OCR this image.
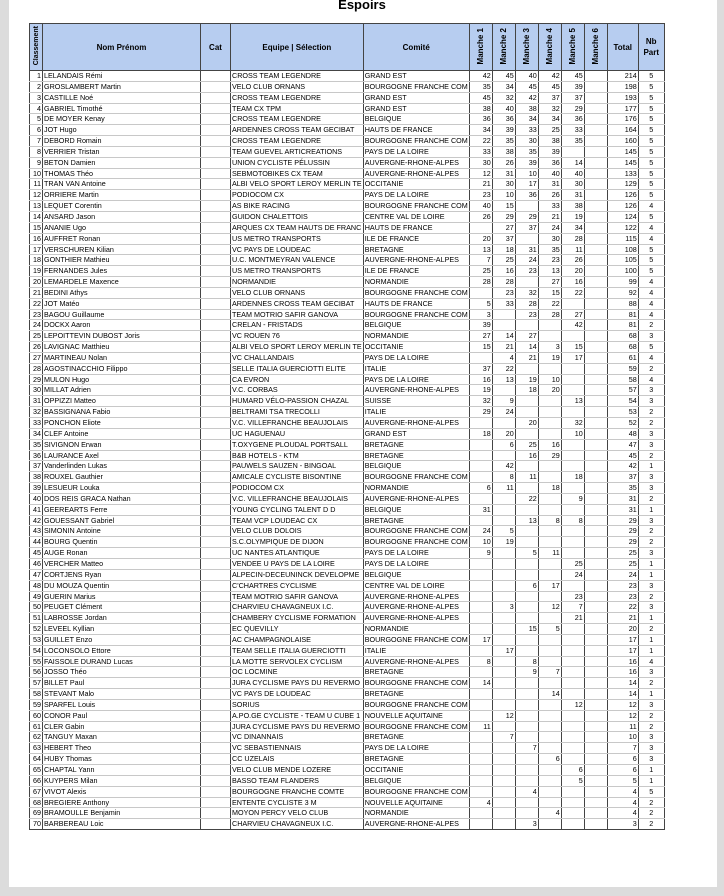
Espoirs
Classement	Nom Prénom	Cat	Equipe | Sélection	Comité	Manche 1	Manche 2	Manche 3	Manche 4	Manche 5	Manche 6	Total	Nb Part
1	LELANDAIS Rémi		CROSS TEAM LEGENDRE	GRAND EST	42	45	40	42	45		214	5
2	GROSLAMBERT Martin		VELO CLUB ORNANS	BOURGOGNE FRANCHE COM	35	34	45	45	39		198	5
3	CASTILLE Noé		CROSS TEAM LEGENDRE	GRAND EST	45	32	42	37	37		193	5
4	GABRIEL Timothé		TEAM CX TPM	GRAND EST	38	40	38	32	29		177	5
5	DE MOYER Kenay		CROSS TEAM LEGENDRE	BELGIQUE	36	36	34	34	36		176	5
6	JOT Hugo		ARDENNES CROSS TEAM GECIBAT	HAUTS DE FRANCE	34	39	33	25	33		164	5
7	DEBORD Romain		CROSS TEAM LEGENDRE	BOURGOGNE FRANCHE COM	22	35	30	38	35		160	5
8	VERRIER Tristan		TEAM GUEVEL ARTICREATIONS	PAYS DE LA LOIRE	33	38	35	39			145	5
9	BETON Damien		UNION CYCLISTE PÉLUSSIN	AUVERGNE-RHONE-ALPES	30	26	39	36	14		145	5
10	THOMAS Théo		SEBMOTOBIKES CX TEAM	AUVERGNE-RHONE-ALPES	12	31	10	40	40		133	5
11	TRAN VAN Antoine		ALBI VELO SPORT LEROY MERLIN TE	OCCITANIE	21	30	17	31	30		129	5
12	ORRIERE Martin		PODIOCOM CX	PAYS DE LA LOIRE	23	10	36	26	31		126	5
13	LEQUET Corentin		AS BIKE RACING	BOURGOGNE FRANCHE COM	40	15		33	38		126	4
14	ANSARD Jason		GUIDON CHALETTOIS	CENTRE VAL DE LOIRE	26	29	29	21	19		124	5
15	ANANIE Ugo		ARQUES CX TEAM HAUTS DE FRANC	HAUTS DE FRANCE		27	37	24	34		122	4
16	AUFFRET Ronan		US METRO TRANSPORTS	ILE DE FRANCE	20	37		30	28		115	4
17	VERSCHUREN Kilian		VC PAYS DE LOUDEAC	BRETAGNE	13	18	31	35	11		108	5
18	GONTHIER Mathieu		U.C. MONTMEYRAN VALENCE	AUVERGNE-RHONE-ALPES	7	25	24	23	26		105	5
19	FERNANDES Jules		US METRO TRANSPORTS	ILE DE FRANCE	25	16	23	13	20		100	5
20	LEMARDELE Maxence		NORMANDIE	NORMANDIE	28	28		27	16		99	4
21	BEDINI Athys		VELO CLUB ORNANS	BOURGOGNE FRANCHE COM		23	32	15	22		92	4
22	JOT Matéo		ARDENNES CROSS TEAM GECIBAT	HAUTS DE FRANCE	5	33	28	22			88	4
23	BAGOU Guillaume		TEAM MOTRIO SAFIR GANOVA	BOURGOGNE FRANCHE COM	3		23	28	27		81	4
24	DOCKX Aaron		CRELAN - FRISTADS	BELGIQUE	39				42		81	2
25	LEPOITTEVIN DUBOST Joris		VC ROUEN 76	NORMANDIE	27	14	27				68	3
26	LAVIGNAC Matthieu		ALBI VELO SPORT LEROY MERLIN TE	OCCITANIE	15	21	14	3	15		68	5
27	MARTINEAU Nolan		VC CHALLANDAIS	PAYS DE LA LOIRE		4	21	19	17		61	4
28	AGOSTINACCHIO Filippo		SELLE ITALIA GUERCIOTTI ELITE	ITALIE	37	22					59	2
29	MULON Hugo		CA EVRON	PAYS DE LA LOIRE	16	13	19	10			58	4
30	MILLAT Adrien		V.C. CORBAS	AUVERGNE-RHONE-ALPES	19		18	20			57	3
31	OPPIZZI Matteo		HUMARD VÉLO-PASSION CHAZAL	SUISSE	32	9			13		54	3
32	BASSIGNANA Fabio		BELTRAMI TSA TRECOLLI	ITALIE	29	24					53	2
33	PONCHON Eliote		V.C. VILLEFRANCHE BEAUJOLAIS	AUVERGNE-RHONE-ALPES			20		32		52	2
34	CLEF Antoine		UC HAGUENAU	GRAND EST	18	20			10		48	3
35	SIVIGNON Erwan		T.OXYGENE PLOUDAL PORTSALL	BRETAGNE		6	25	16			47	3
36	LAURANCE Axel		B&B HOTELS - KTM	BRETAGNE			16	29			45	2
37	Vanderlinden Lukas		PAUWELS SAUZEN - BINGOAL	BELGIQUE		42					42	1
38	ROUXEL Gauthier		AMICALE CYCLISTE BISONTINE	BOURGOGNE FRANCHE COM		8	11		18		37	3
39	LESUEUR Louka		PODIOCOM CX	NORMANDIE	6	11		18			35	3
40	DOS REIS GRACA Nathan		V.C. VILLEFRANCHE BEAUJOLAIS	AUVERGNE-RHONE-ALPES			22		9		31	2
41	GEEREARTS Ferre		YOUNG CYCLING TALENT D D	BELGIQUE	31						31	1
42	GOUESSANT Gabriel		TEAM VCP LOUDEAC CX	BRETAGNE			13	8	8		29	3
43	SIMONIN Antoine		VELO CLUB DOLOIS	BOURGOGNE FRANCHE COM	24	5					29	2
44	BOURG Quentin		S.C.OLYMPIQUE DE DIJON	BOURGOGNE FRANCHE COM	10	19					29	2
45	AUGE Ronan		UC NANTES ATLANTIQUE	PAYS DE LA LOIRE	9		5	11			25	3
46	VERCHER Matteo		VENDEE U PAYS DE LA LOIRE	PAYS DE LA LOIRE					25		25	1
47	CORTJENS Ryan		ALPECIN-DECEUNINCK DEVELOPME	BELGIQUE					24		24	1
48	DU MOUZA Quentin		C'CHARTRES CYCLISME	CENTRE VAL DE LOIRE			6	17			23	3
49	GUERIN Marius		TEAM MOTRIO SAFIR GANOVA	AUVERGNE-RHONE-ALPES					23		23	2
50	PEUGET Clément		CHARVIEU CHAVAGNEUX I.C.	AUVERGNE-RHONE-ALPES		3		12	7		22	3
51	LABROSSE Jordan		CHAMBERY CYCLISME FORMATION	AUVERGNE-RHONE-ALPES					21		21	1
52	LEVEEL Kyllian		EC QUEVILLY	NORMANDIE			15	5			20	2
53	GUILLET Enzo		AC CHAMPAGNOLAISE	BOURGOGNE FRANCHE COM	17						17	1
54	LOCONSOLO Ettore		TEAM SELLE ITALIA GUERCIOTTI	ITALIE		17					17	1
55	FAISSOLE DURAND Lucas		LA MOTTE SERVOLEX CYCLISM	AUVERGNE-RHONE-ALPES	8		8				16	4
56	JOSSO Théo		OC LOCMINE	BRETAGNE			9	7			16	3
57	BILLET Paul		JURA CYCLISME PAYS DU REVERMO	BOURGOGNE FRANCHE COM	14						14	2
58	STEVANT Malo		VC PAYS DE LOUDEAC	BRETAGNE				14			14	1
59	SPARFEL Louis		SORIUS	BOURGOGNE FRANCHE COM					12		12	3
60	CONOR Paul		A.PO.GE CYCLISTE - TEAM U CUBE 1	NOUVELLE AQUITAINE		12					12	2
61	CLER Gabin		JURA CYCLISME PAYS DU REVERMO	BOURGOGNE FRANCHE COM	11						11	2
62	TANGUY Maxan		VC DINANNAIS	BRETAGNE		7					10	3
63	HEBERT Theo		VC SEBASTIENNAIS	PAYS DE LA LOIRE			7				7	3
64	HUBY Thomas		CC UZELAIS	BRETAGNE				6			6	3
65	CHAPTAL Yann		VELO CLUB MENDE LOZERE	OCCITANIE					6		6	1
66	KUYPERS Milan		BASSO TEAM FLANDERS	BELGIQUE					5		5	1
67	VIVOT Alexis		BOURGOGNE FRANCHE COMTE	BOURGOGNE FRANCHE COM			4				4	5
68	BREGIERE Anthony		ENTENTE CYCLISTE 3 M	NOUVELLE AQUITAINE	4						4	2
69	BRAMOULLE Benjamin		MOYON PERCY VELO CLUB	NORMANDIE				4			4	2
70	BARBEREAU Loic		CHARVIEU CHAVAGNEUX I.C.	AUVERGNE-RHONE-ALPES			3				3	2
